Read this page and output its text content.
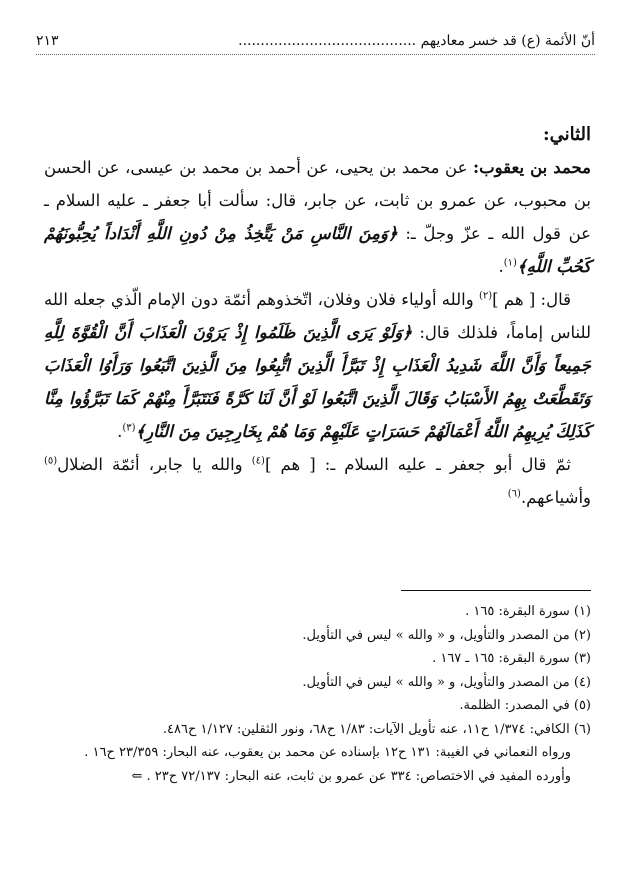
أنّ الأئمة (ع) قد خسر معاديهم ........................................
٢١٣

الثاني:

محمد بن يعقوب: عن محمد بن يحيى، عن أحمد بن محمد بن عيسى، عن الحسن بن محبوب، عن عمرو بن ثابت، عن جابر، قال: سألت أبا جعفر ـ عليه السلام ـ عن قول الله ـ عزّ وجلّ ـ: ﴿وَمِنَ النَّاسِ مَنْ يَتَّخِذُ مِنْ دُونِ اللَّهِ أَنْدَاداً يُحِبُّونَهُمْ كَحُبِّ اللَّهِ﴾$^{(١)}$.

قال: [ هم ]$^{(٢)}$ والله أولياء فلان وفلان، اتّخذوهم أئمّة دون الإمام الّذي جعله الله للناس إماماً، فلذلك قال: ﴿وَلَوْ يَرَى الَّذِينَ ظَلَمُوا إِذْ يَرَوْنَ الْعَذَابَ أَنَّ الْقُوَّةَ لِلَّهِ جَمِيعاً وَأَنَّ اللَّهَ شَدِيدُ الْعَذَابِ إِذْ تَبَرَّأَ الَّذِينَ اتُّبِعُوا مِنَ الَّذِينَ اتَّبَعُوا وَرَأَوُا الْعَذَابَ وَتَقَطَّعَتْ بِهِمُ الأَسْبَابُ وَقَالَ الَّذِينَ اتَّبَعُوا لَوْ أَنَّ لَنَا كَرَّةً فَنَتَبَرَّأَ مِنْهُمْ كَمَا تَبَرَّؤُوا مِنَّا كَذَلِكَ يُرِيهِمُ اللَّهُ أَعْمَالَهُمْ حَسَرَاتٍ عَلَيْهِمْ وَمَا هُمْ بِخَارِجِينَ مِنَ النَّارِ﴾$^{(٣)}$.

ثمّ قال أبو جعفر ـ عليه السلام ـ: [ هم ]$^{(٤)}$ والله يا جابر، أئمّة الضلال$^{(٥)}$ وأشياعهم.$^{(٦)}$

(١) سورة البقرة: ١٦٥ .

(٢) من المصدر والتأويل، و « والله » ليس في التأويل.

(٣) سورة البقرة: ١٦٥ ـ ١٦٧ .

(٤) من المصدر والتأويل، و « والله » ليس في التأويل.

(٥) في المصدر: الظلمة.

(٦) الكافي: ١/٣٧٤ ح١١، عنه تأويل الآيات: ١/٨٣ ح٦٨، ونور الثقلين: ١/١٢٧ ح٤٨٦.

ورواه النعماني في الغيبة: ١٣١ ح١٢ بإسناده عن محمد بن يعقوب، عنه البحار: ٢٣/٣٥٩ ح١٦ .

وأورده المفيد في الاختصاص: ٣٣٤ عن عمرو بن ثابت، عنه البحار: ٧٢/١٣٧ ح٢٣ . ⇐
